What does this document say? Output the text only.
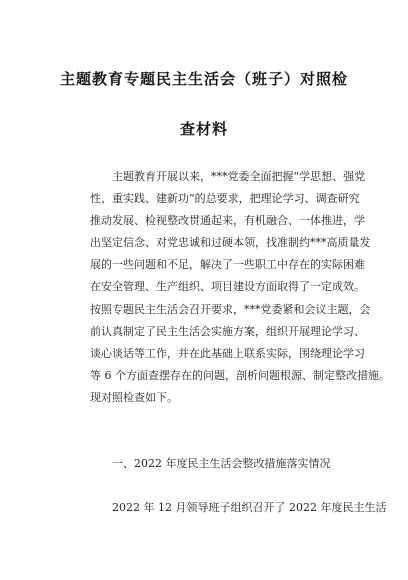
主题教育专题民主生活会（班子）对照检
查材料
　　主题教育开展以来，***党委全面把握“学思想、强党
性、重实践、建新功”的总要求，把理论学习、调查研究
推动发展、检视整改贯通起来，有机融合、一体推进，学
出坚定信念、对党忠诚和过硬本领，找准制约***高质量发
展的一些问题和不足，解决了一些职工中存在的实际困难
在安全管理、生产组织、项目建设方面取得了一定成效。
按照专题民主生活会召开要求，***党委紧和会议主题，会
前认真制定了民主生活会实施方案，组织开展理论学习、
谈心谈话等工作，并在此基础上联系实际，围绕理论学习
等 6 个方面查摆存在的问题，剖析问题根源、制定整改措施。
现对照检查如下。
　　一、2022 年度民主生活会整改措施落实情况
　　2022 年 12 月领导班子组织召开了 2022 年度民主生活
